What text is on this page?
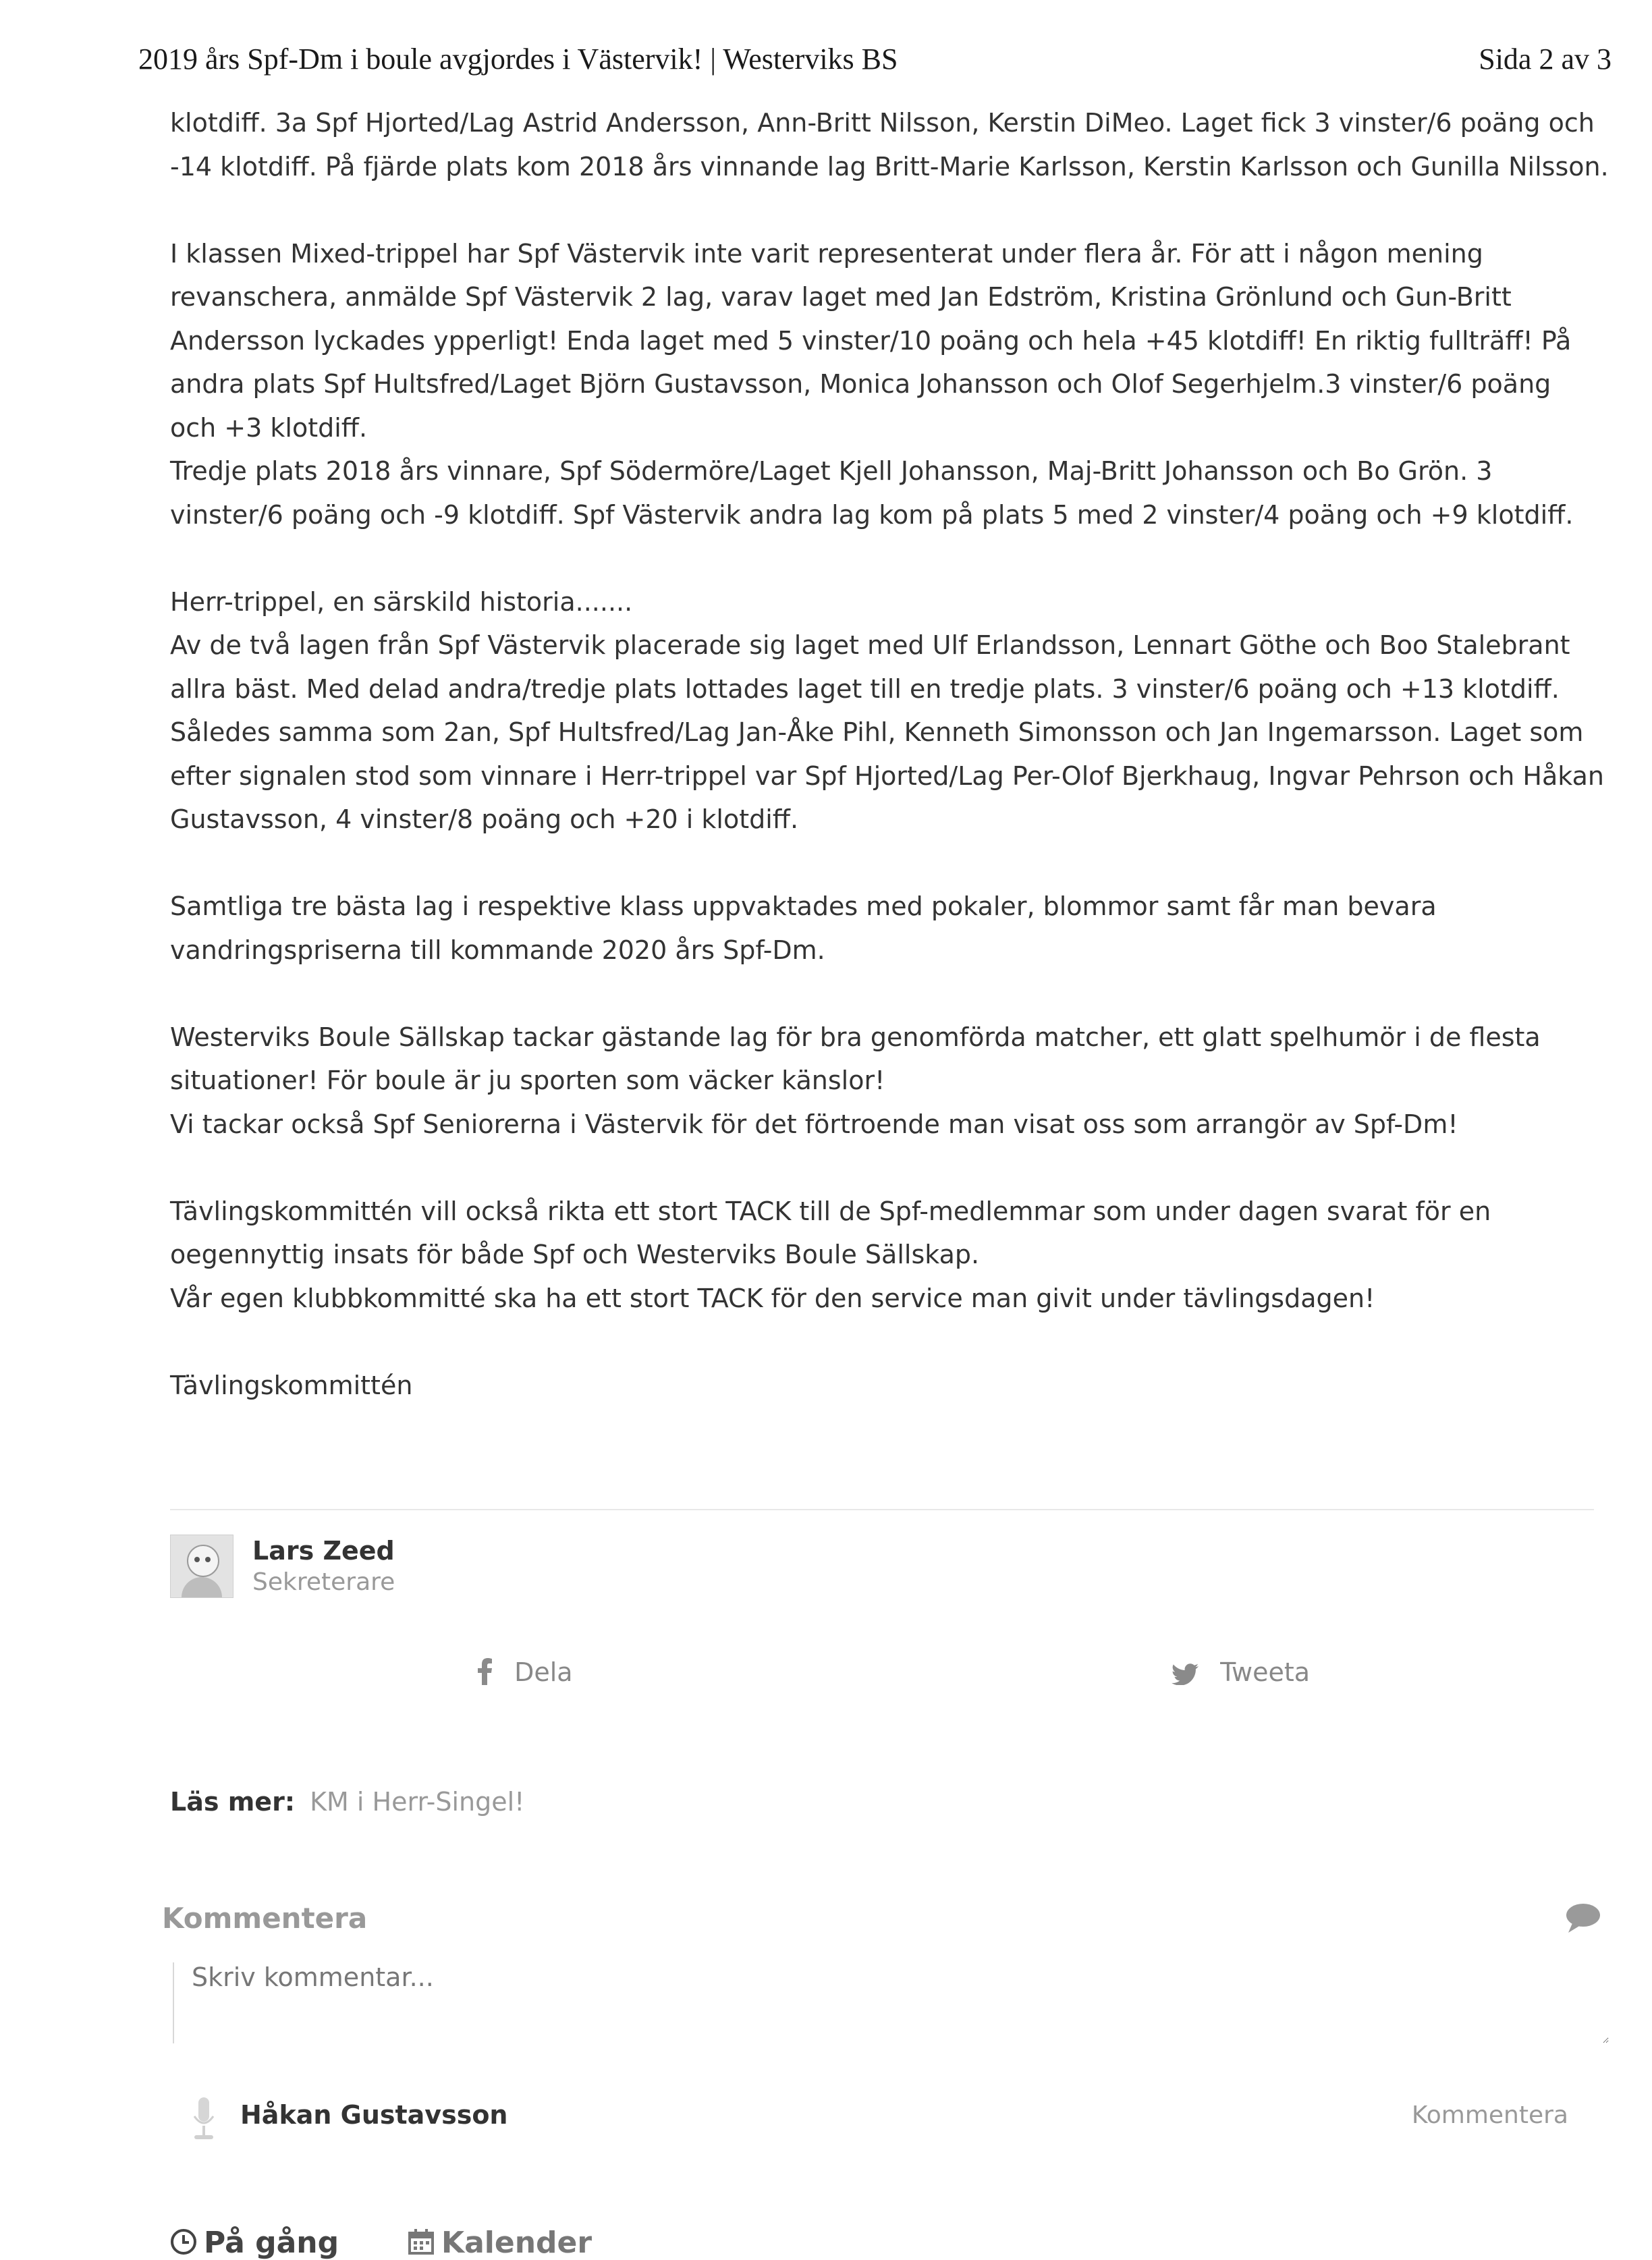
2019 års Spf-Dm i boule avgjordes i Västervik! | Westerviks BS	Sida 2 av 3

klotdiff. 3a Spf Hjorted/Lag Astrid Andersson, Ann-Britt Nilsson, Kerstin DiMeo. Laget fick 3 vinster/6 poäng och
-14 klotdiff. På fjärde plats kom 2018 års vinnande lag Britt-Marie Karlsson, Kerstin Karlsson och Gunilla Nilsson.

I klassen Mixed-trippel har Spf Västervik inte varit representerat under flera år. För att i någon mening
revanschera, anmälde Spf Västervik 2 lag, varav laget med Jan Edström, Kristina Grönlund och Gun-Britt
Andersson lyckades ypperligt! Enda laget med 5 vinster/10 poäng och hela +45 klotdiff! En riktig fullträff! På
andra plats Spf Hultsfred/Laget Björn Gustavsson, Monica Johansson och Olof Segerhjelm.3 vinster/6 poäng
och +3 klotdiff.
Tredje plats 2018 års vinnare, Spf Södermöre/Laget Kjell Johansson, Maj-Britt Johansson och Bo Grön. 3
vinster/6 poäng och -9 klotdiff. Spf Västervik andra lag kom på plats 5 med 2 vinster/4 poäng och +9 klotdiff.

Herr-trippel, en särskild historia.......
Av de två lagen från Spf Västervik placerade sig laget med Ulf Erlandsson, Lennart Göthe och Boo Stalebrant
allra bäst. Med delad andra/tredje plats lottades laget till en tredje plats. 3 vinster/6 poäng och +13 klotdiff.
Således samma som 2an, Spf Hultsfred/Lag Jan-Åke Pihl, Kenneth Simonsson och Jan Ingemarsson. Laget som
efter signalen stod som vinnare i Herr-trippel var Spf Hjorted/Lag Per-Olof Bjerkhaug, Ingvar Pehrson och Håkan
Gustavsson, 4 vinster/8 poäng och +20 i klotdiff.

Samtliga tre bästa lag i respektive klass uppvaktades med pokaler, blommor samt får man bevara
vandringspriserna till kommande 2020 års Spf-Dm.

Westerviks Boule Sällskap tackar gästande lag för bra genomförda matcher, ett glatt spelhumör i de flesta
situationer! För boule är ju sporten som väcker känslor!
Vi tackar också Spf Seniorerna i Västervik för det förtroende man visat oss som arrangör av Spf-Dm!

Tävlingskommittén vill också rikta ett stort TACK till de Spf-medlemmar som under dagen svarat för en
oegennyttig insats för både Spf och Westerviks Boule Sällskap.
Vår egen klubbkommitté ska ha ett stort TACK för den service man givit under tävlingsdagen!

Tävlingskommittén

Lars Zeed
Sekreterare
Dela	Tweeta
Läs mer: KM i Herr-Singel!
Kommentera
Skriv kommentar...
Håkan Gustavsson	Kommentera
På gång	Kalender
